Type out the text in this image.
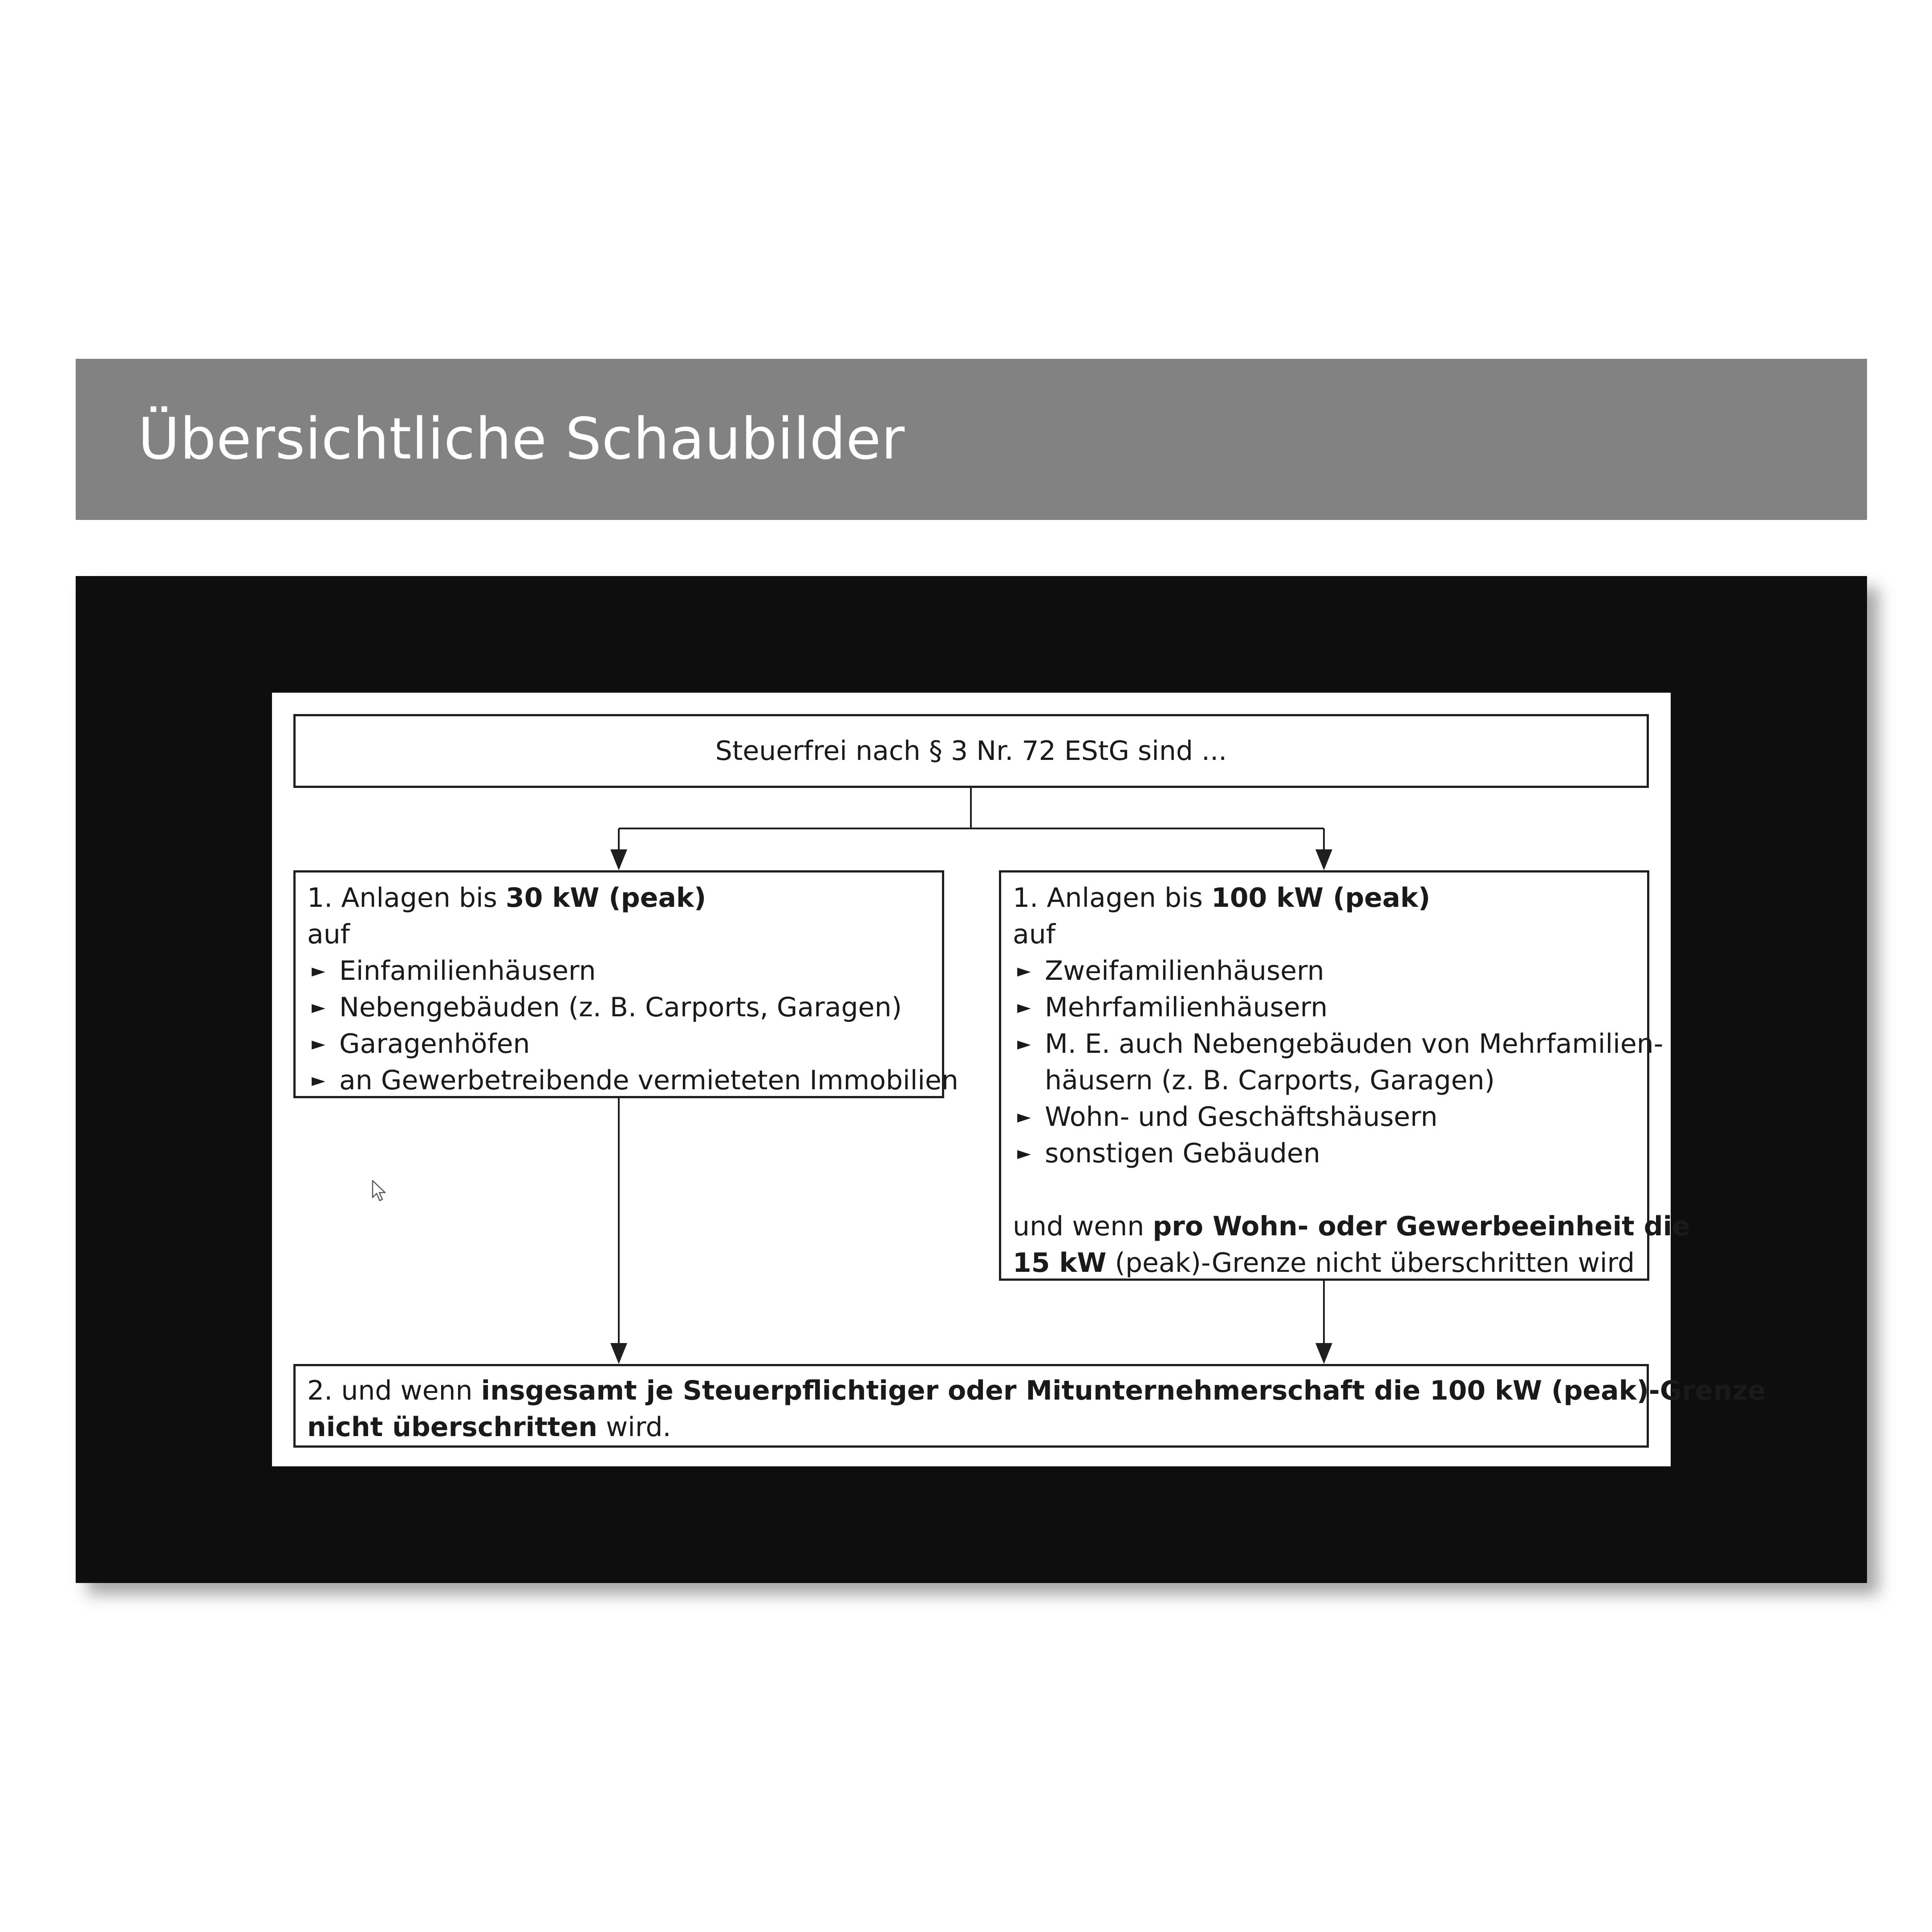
Übersichtliche Schaubilder
Steuerfrei nach § 3 Nr. 72 EStG sind ...
1. Anlagen bis 30 kW (peak)
auf
► Einfamilienhäusern
► Nebengebäuden (z. B. Carports, Garagen)
► Garagenhöfen
► an Gewerbetreibende vermieteten Immobilien
1. Anlagen bis 100 kW (peak)
auf
► Zweifamilienhäusern
► Mehrfamilienhäusern
► M. E. auch Nebengebäuden von Mehrfamilien-
häusern (z. B. Carports, Garagen)
► Wohn- und Geschäftshäusern
► sonstigen Gebäuden
und wenn pro Wohn- oder Gewerbeeinheit die
15 kW (peak)-Grenze nicht überschritten wird
2. und wenn insgesamt je Steuerpflichtiger oder Mitunternehmerschaft die 100 kW (peak)-Grenze
nicht überschritten wird.
